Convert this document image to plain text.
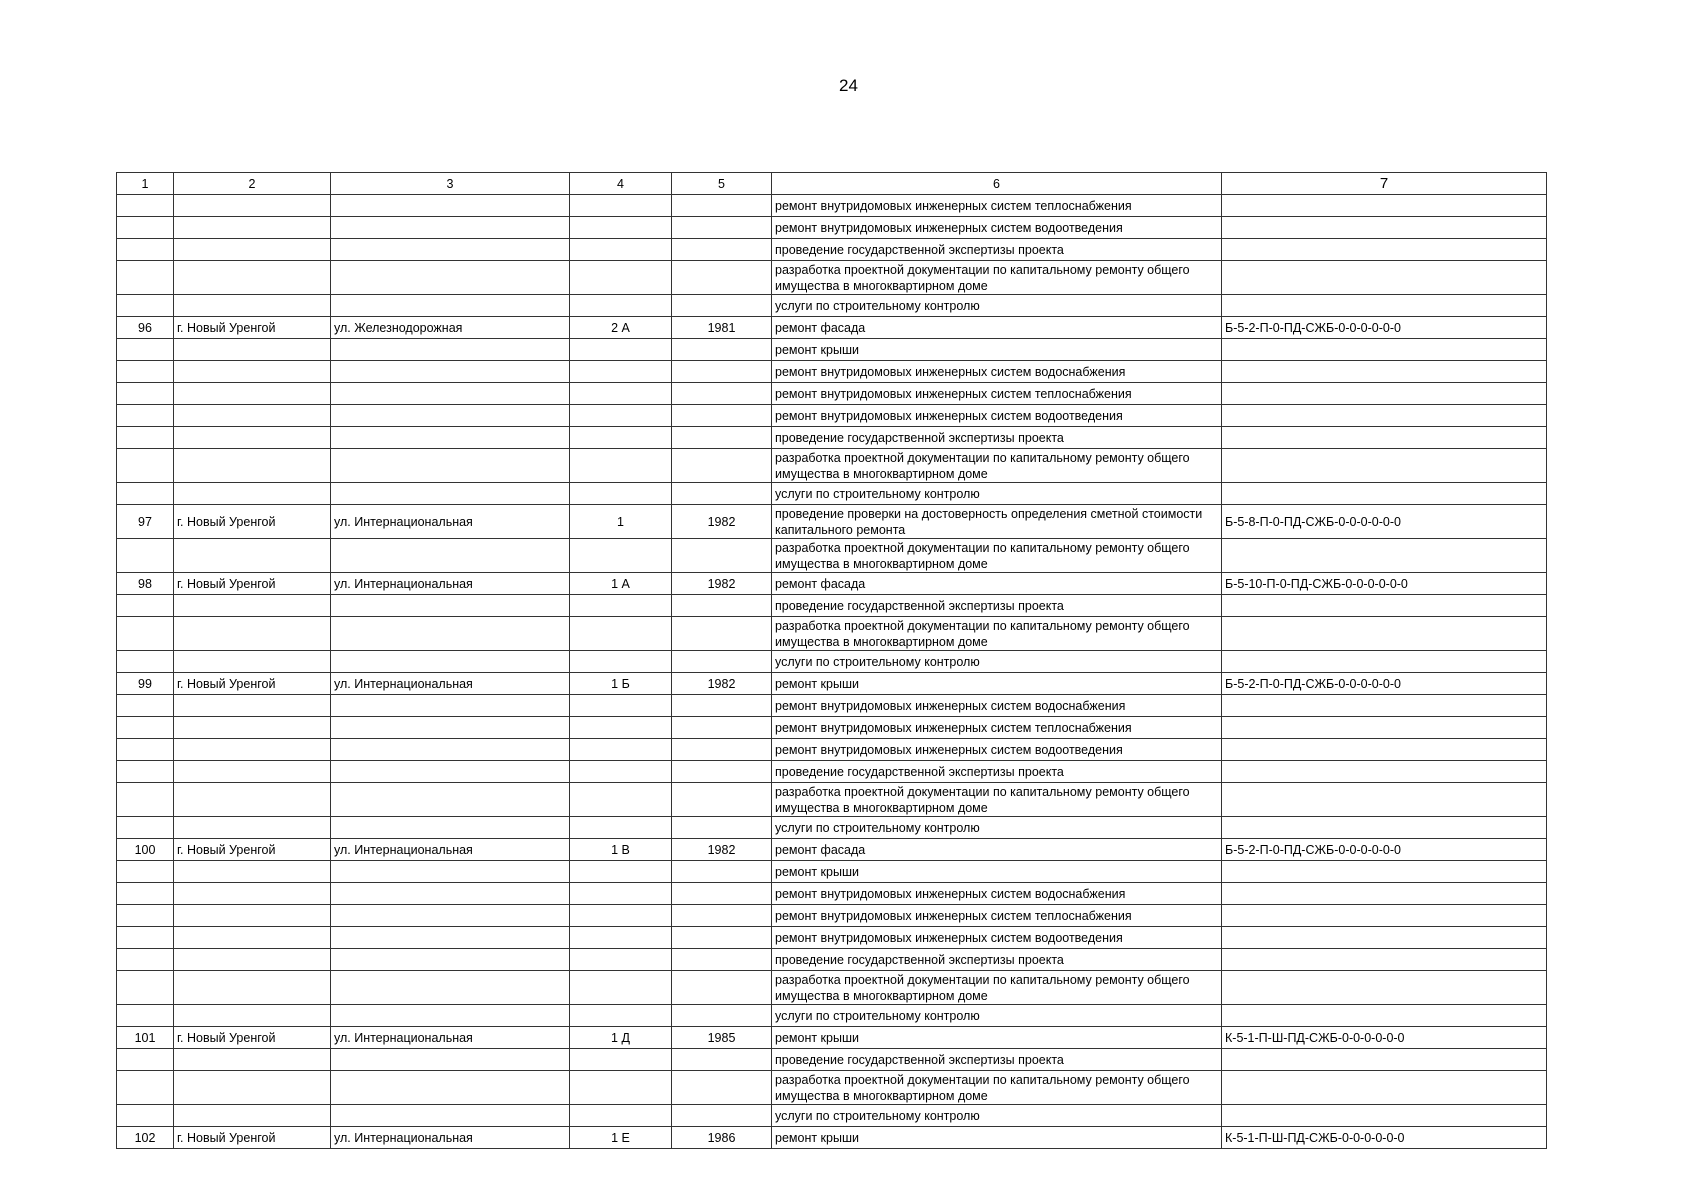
24
1	2	3	4	5	6	7
					ремонт внутридомовых инженерных систем теплоснабжения	
					ремонт внутридомовых инженерных систем водоотведения	
					проведение государственной экспертизы проекта	
					разработка проектной документации по капитальному ремонту общего имущества в многоквартирном доме	
					услуги по строительному контролю	
96	г. Новый Уренгой	ул. Железнодорожная	2 А	1981	ремонт фасада	Б-5-2-П-0-ПД-СЖБ-0-0-0-0-0-0
					ремонт крыши	
					ремонт внутридомовых инженерных систем водоснабжения	
					ремонт внутридомовых инженерных систем теплоснабжения	
					ремонт внутридомовых инженерных систем водоотведения	
					проведение государственной экспертизы проекта	
					разработка проектной документации по капитальному ремонту общего имущества в многоквартирном доме	
					услуги по строительному контролю	
97	г. Новый Уренгой	ул. Интернациональная	1	1982	проведение проверки на достоверность определения сметной стоимости капитального ремонта	Б-5-8-П-0-ПД-СЖБ-0-0-0-0-0-0
					разработка проектной документации по капитальному ремонту общего имущества в многоквартирном доме	
98	г. Новый Уренгой	ул. Интернациональная	1 А	1982	ремонт фасада	Б-5-10-П-0-ПД-СЖБ-0-0-0-0-0-0
					проведение государственной экспертизы проекта	
					разработка проектной документации по капитальному ремонту общего имущества в многоквартирном доме	
					услуги по строительному контролю	
99	г. Новый Уренгой	ул. Интернациональная	1 Б	1982	ремонт крыши	Б-5-2-П-0-ПД-СЖБ-0-0-0-0-0-0
					ремонт внутридомовых инженерных систем водоснабжения	
					ремонт внутридомовых инженерных систем теплоснабжения	
					ремонт внутридомовых инженерных систем водоотведения	
					проведение государственной экспертизы проекта	
					разработка проектной документации по капитальному ремонту общего имущества в многоквартирном доме	
					услуги по строительному контролю	
100	г. Новый Уренгой	ул. Интернациональная	1 В	1982	ремонт фасада	Б-5-2-П-0-ПД-СЖБ-0-0-0-0-0-0
					ремонт крыши	
					ремонт внутридомовых инженерных систем водоснабжения	
					ремонт внутридомовых инженерных систем теплоснабжения	
					ремонт внутридомовых инженерных систем водоотведения	
					проведение государственной экспертизы проекта	
					разработка проектной документации по капитальному ремонту общего имущества в многоквартирном доме	
					услуги по строительному контролю	
101	г. Новый Уренгой	ул. Интернациональная	1 Д	1985	ремонт крыши	К-5-1-П-Ш-ПД-СЖБ-0-0-0-0-0-0
					проведение государственной экспертизы проекта	
					разработка проектной документации по капитальному ремонту общего имущества в многоквартирном доме	
					услуги по строительному контролю	
102	г. Новый Уренгой	ул. Интернациональная	1 Е	1986	ремонт крыши	К-5-1-П-Ш-ПД-СЖБ-0-0-0-0-0-0
